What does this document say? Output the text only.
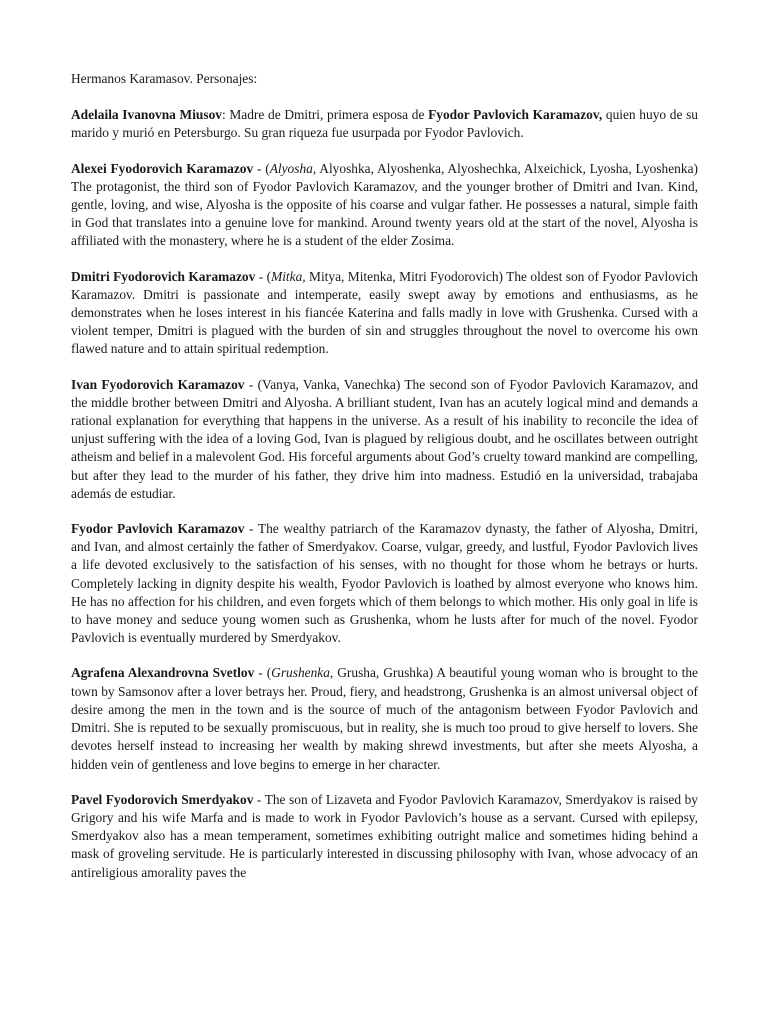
Hermanos Karamasov. Personajes:

Adelaila Ivanovna Miusov: Madre de Dmitri, primera esposa de Fyodor Pavlovich Karamazov, quien huyo de su marido y murió en Petersburgo. Su gran riqueza fue usurpada por Fyodor Pavlovich.

Alexei Fyodorovich Karamazov - (Alyosha, Alyoshka, Alyoshenka, Alyoshechka, Alxeichick, Lyosha, Lyoshenka) The protagonist, the third son of Fyodor Pavlovich Karamazov, and the younger brother of Dmitri and Ivan. Kind, gentle, loving, and wise, Alyosha is the opposite of his coarse and vulgar father. He possesses a natural, simple faith in God that translates into a genuine love for mankind. Around twenty years old at the start of the novel, Alyosha is affiliated with the monastery, where he is a student of the elder Zosima.

Dmitri Fyodorovich Karamazov - (Mitka, Mitya, Mitenka, Mitri Fyodorovich) The oldest son of Fyodor Pavlovich Karamazov. Dmitri is passionate and intemperate, easily swept away by emotions and enthusiasms, as he demonstrates when he loses interest in his fiancée Katerina and falls madly in love with Grushenka. Cursed with a violent temper, Dmitri is plagued with the burden of sin and struggles throughout the novel to overcome his own flawed nature and to attain spiritual redemption.

Ivan Fyodorovich Karamazov - (Vanya, Vanka, Vanechka) The second son of Fyodor Pavlovich Karamazov, and the middle brother between Dmitri and Alyosha. A brilliant student, Ivan has an acutely logical mind and demands a rational explanation for everything that happens in the universe. As a result of his inability to reconcile the idea of unjust suffering with the idea of a loving God, Ivan is plagued by religious doubt, and he oscillates between outright atheism and belief in a malevolent God. His forceful arguments about God’s cruelty toward mankind are compelling, but after they lead to the murder of his father, they drive him into madness. Estudió en la universidad, trabajaba además de estudiar.

Fyodor Pavlovich Karamazov - The wealthy patriarch of the Karamazov dynasty, the father of Alyosha, Dmitri, and Ivan, and almost certainly the father of Smerdyakov. Coarse, vulgar, greedy, and lustful, Fyodor Pavlovich lives a life devoted exclusively to the satisfaction of his senses, with no thought for those whom he betrays or hurts. Completely lacking in dignity despite his wealth, Fyodor Pavlovich is loathed by almost everyone who knows him. He has no affection for his children, and even forgets which of them belongs to which mother. His only goal in life is to have money and seduce young women such as Grushenka, whom he lusts after for much of the novel. Fyodor Pavlovich is eventually murdered by Smerdyakov.

Agrafena Alexandrovna Svetlov - (Grushenka, Grusha, Grushka) A beautiful young woman who is brought to the town by Samsonov after a lover betrays her. Proud, fiery, and headstrong, Grushenka is an almost universal object of desire among the men in the town and is the source of much of the antagonism between Fyodor Pavlovich and Dmitri. She is reputed to be sexually promiscuous, but in reality, she is much too proud to give herself to lovers. She devotes herself instead to increasing her wealth by making shrewd investments, but after she meets Alyosha, a hidden vein of gentleness and love begins to emerge in her character.

Pavel Fyodorovich Smerdyakov - The son of Lizaveta and Fyodor Pavlovich Karamazov, Smerdyakov is raised by Grigory and his wife Marfa and is made to work in Fyodor Pavlovich’s house as a servant. Cursed with epilepsy, Smerdyakov also has a mean temperament, sometimes exhibiting outright malice and sometimes hiding behind a mask of groveling servitude. He is particularly interested in discussing philosophy with Ivan, whose advocacy of an antireligious amorality paves the
